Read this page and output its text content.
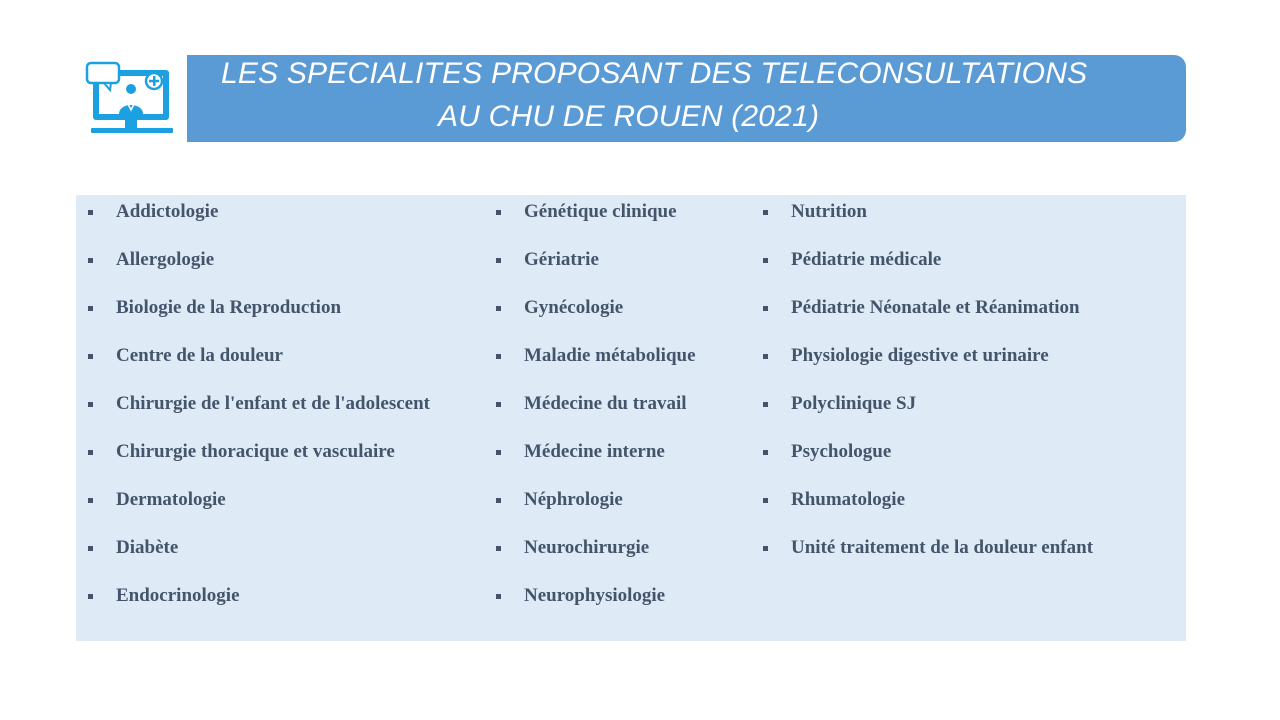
LES SPECIALITES PROPOSANT DES TELECONSULTATIONS
AU CHU DE ROUEN (2021)
Addictologie
Allergologie
Biologie de la Reproduction
Centre de la douleur
Chirurgie de l'enfant et de l'adolescent
Chirurgie thoracique et vasculaire
Dermatologie
Diabète
Endocrinologie
Génétique clinique
Gériatrie
Gynécologie
Maladie métabolique
Médecine du travail
Médecine interne
Néphrologie
Neurochirurgie
Neurophysiologie
Nutrition
Pédiatrie médicale
Pédiatrie Néonatale et Réanimation
Physiologie digestive et urinaire
Polyclinique SJ
Psychologue
Rhumatologie
Unité traitement de la douleur enfant
